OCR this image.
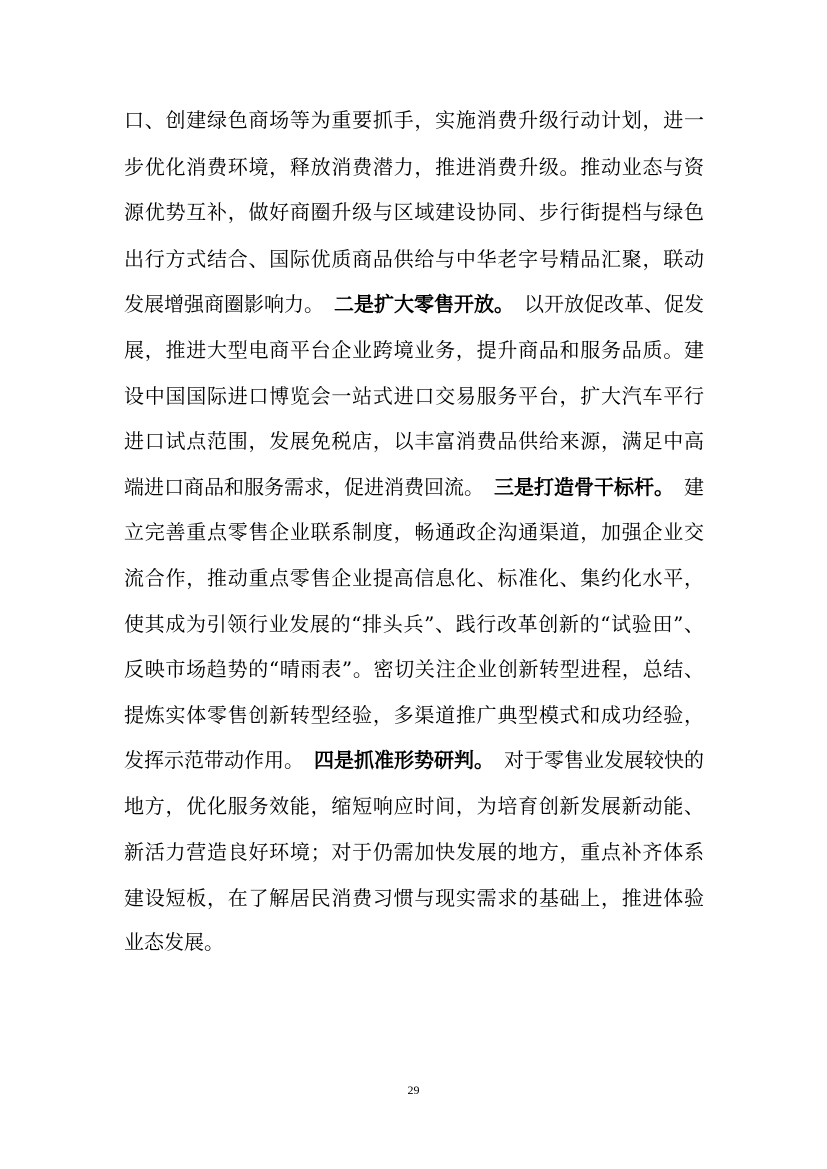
口、创建绿色商场等为重要抓手，实施消费升级行动计划，进一
步优化消费环境，释放消费潜力，推进消费升级。推动业态与资
源优势互补，做好商圈升级与区域建设协同、步行街提档与绿色
出行方式结合、国际优质商品供给与中华老字号精品汇聚，联动
发展增强商圈影响力。 二是扩大零售开放。 以开放促改革、促发
展，推进大型电商平台企业跨境业务，提升商品和服务品质。建
设中国国际进口博览会一站式进口交易服务平台，扩大汽车平行
进口试点范围，发展免税店，以丰富消费品供给来源，满足中高
端进口商品和服务需求，促进消费回流。 三是打造骨干标杆。 建
立完善重点零售企业联系制度，畅通政企沟通渠道，加强企业交
流合作，推动重点零售企业提高信息化、标准化、集约化水平，
使其成为引领行业发展的“排头兵”、践行改革创新的“试验田”、
反映市场趋势的“晴雨表”。密切关注企业创新转型进程，总结、
提炼实体零售创新转型经验，多渠道推广典型模式和成功经验，
发挥示范带动作用。 四是抓准形势研判。 对于零售业发展较快的
地方，优化服务效能，缩短响应时间，为培育创新发展新动能、
新活力营造良好环境；对于仍需加快发展的地方，重点补齐体系
建设短板，在了解居民消费习惯与现实需求的基础上，推进体验
业态发展。
29
